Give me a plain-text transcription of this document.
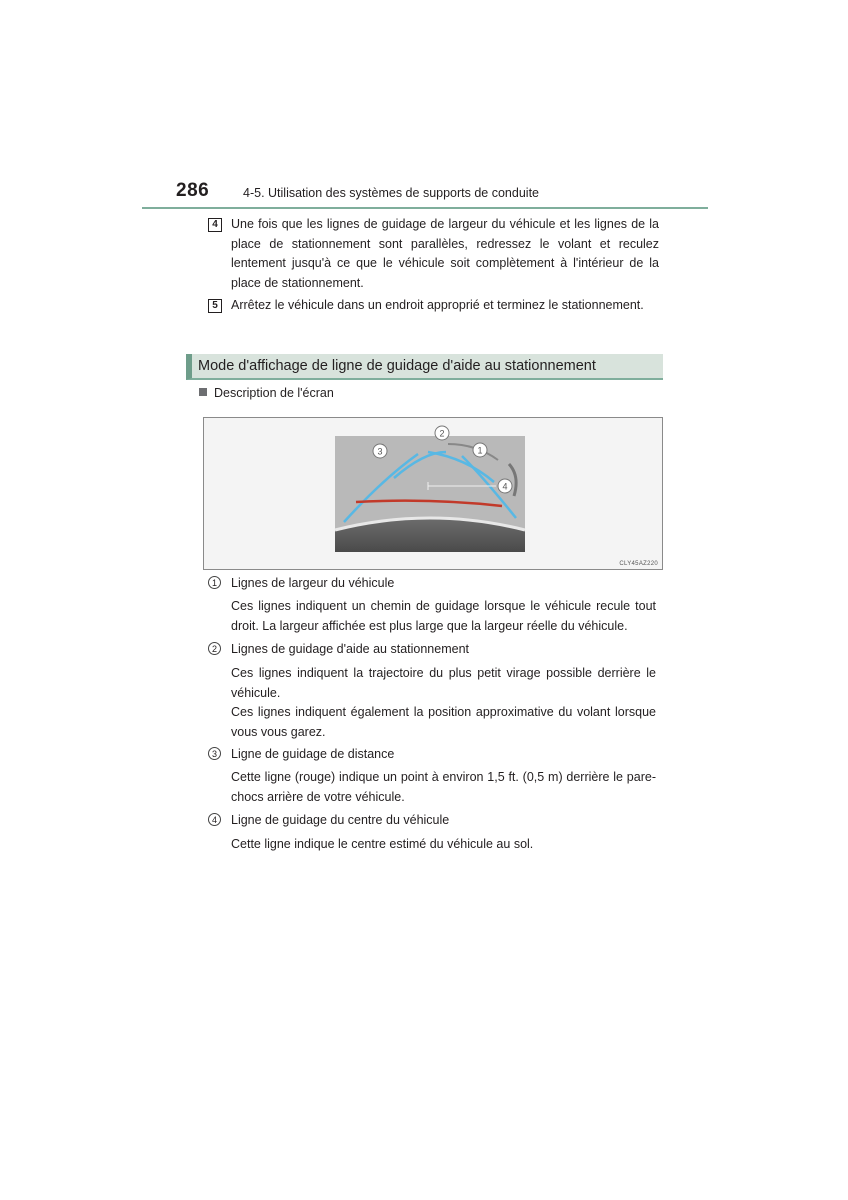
286	4-5. Utilisation des systèmes de supports de conduite
4	Une fois que les lignes de guidage de largeur du véhicule et les lignes de la place de stationnement sont parallèles, redressez le volant et reculez lentement jusqu'à ce que le véhicule soit complètement à l'intérieur de la place de stationnement.
5	Arrêtez le véhicule dans un endroit approprié et terminez le stationnement.
Mode d'affichage de ligne de guidage d'aide au stationnement
Description de l'écran
2
3	1
4
CLY45AZ220
1	Lignes de largeur du véhicule
Ces lignes indiquent un chemin de guidage lorsque le véhicule recule tout droit. La largeur affichée est plus large que la largeur réelle du véhicule.
2	Lignes de guidage d'aide au stationnement
Ces lignes indiquent la trajectoire du plus petit virage possible derrière le véhicule.
Ces lignes indiquent également la position approximative du volant lorsque vous vous garez.
3	Ligne de guidage de distance
Cette ligne (rouge) indique un point à environ 1,5 ft. (0,5 m) derrière le pare-chocs arrière de votre véhicule.
4	Ligne de guidage du centre du véhicule
Cette ligne indique le centre estimé du véhicule au sol.
